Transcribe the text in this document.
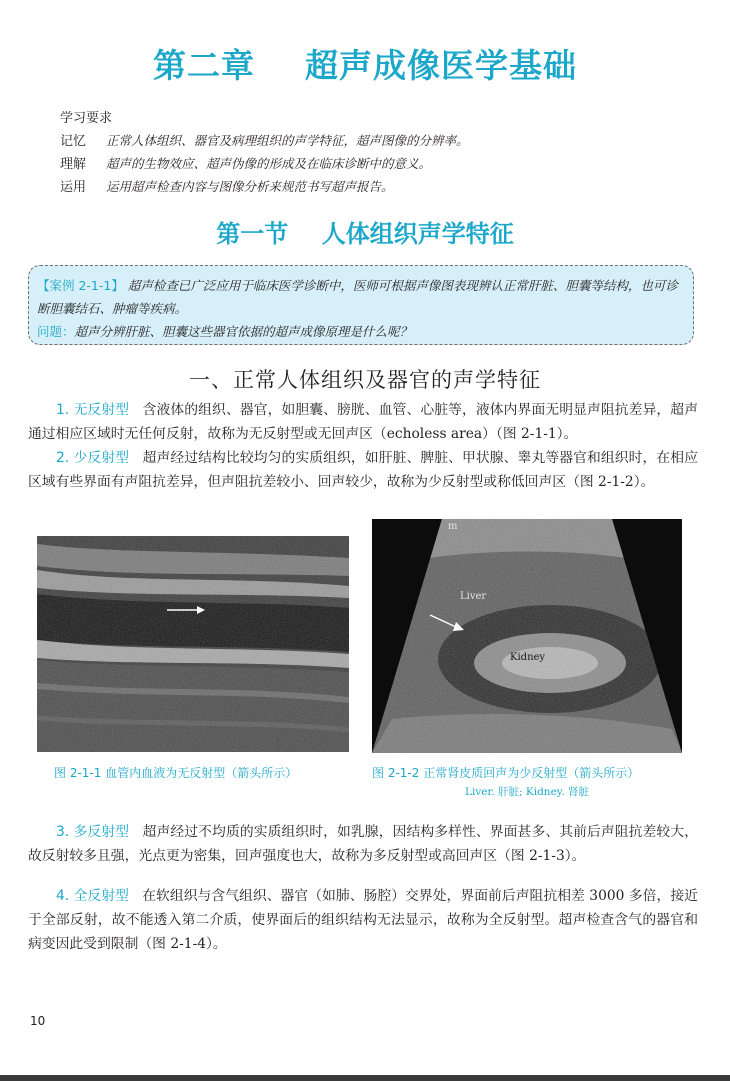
第二章    超声成像医学基础
学习要求
记忆 正常人体组织、器官及病理组织的声学特征，超声图像的分辨率。
理解 超声的生物效应、超声伪像的形成及在临床诊断中的意义。
运用 运用超声检查内容与图像分析来规范书写超声报告。
第一节    人体组织声学特征
【案例 2-1-1】 超声检查已广泛应用于临床医学诊断中，医师可根据声像图表现辨认正常肝脏、胆囊等结构，也可诊断胆囊结石、肿瘤等疾病。
问题：超声分辨肝脏、胆囊这些器官依据的超声成像原理是什么呢？
一、正常人体组织及器官的声学特征
1. 无反射型 含液体的组织、器官，如胆囊、膀胱、血管、心脏等，液体内界面无明显声阻抗差异，超声通过相应区域时无任何反射，故称为无反射型或无回声区（echoless area）（图 2-1-1）。
2. 少反射型 超声经过结构比较均匀的实质组织，如肝脏、脾脏、甲状腺、睾丸等器官和组织时，在相应区域有些界面有声阻抗差异，但声阻抗差较小、回声较少，故称为少反射型或称低回声区（图 2-1-2）。
m
Liver
Kidney
图 2-1-1 血管内血液为无反射型（箭头所示）	图 2-1-2 正常肾皮质回声为少反射型（箭头所示）
Liver. 肝脏; Kidney. 肾脏
3. 多反射型 超声经过不均质的实质组织时，如乳腺，因结构多样性、界面甚多、其前后声阻抗差较大，故反射较多且强，光点更为密集，回声强度也大，故称为多反射型或高回声区（图 2-1-3）。
4. 全反射型 在软组织与含气组织、器官（如肺、肠腔）交界处，界面前后声阻抗相差 3000 多倍，接近于全部反射，故不能透入第二介质，使界面后的组织结构无法显示，故称为全反射型。超声检查含气的器官和病变因此受到限制（图 2-1-4）。
10
